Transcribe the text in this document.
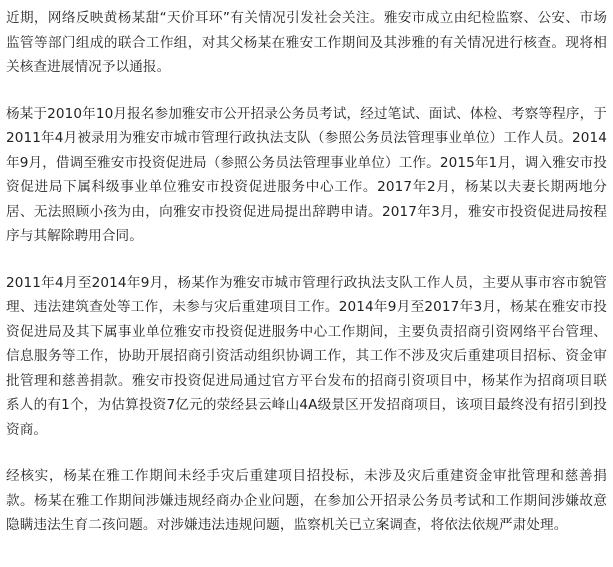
近期，网络反映黄杨某甜“天价耳环”有关情况引发社会关注。雅安市成立由纪检监察、公安、市场监管等部门组成的联合工作组，对其父杨某在雅安工作期间及其涉雅的有关情况进行核查。现将相关核查进展情况予以通报。

杨某于2010年10月报名参加雅安市公开招录公务员考试，经过笔试、面试、体检、考察等程序，于2011年4月被录用为雅安市城市管理行政执法支队（参照公务员法管理事业单位）工作人员。2014年9月，借调至雅安市投资促进局（参照公务员法管理事业单位）工作。2015年1月，调入雅安市投资促进局下属科级事业单位雅安市投资促进服务中心工作。2017年2月，杨某以夫妻长期两地分居、无法照顾小孩为由，向雅安市投资促进局提出辞聘申请。2017年3月，雅安市投资促进局按程序与其解除聘用合同。

2011年4月至2014年9月，杨某作为雅安市城市管理行政执法支队工作人员，主要从事市容市貌管理、违法建筑查处等工作，未参与灾后重建项目工作。2014年9月至2017年3月，杨某在雅安市投资促进局及其下属事业单位雅安市投资促进服务中心工作期间，主要负责招商引资网络平台管理、信息服务等工作，协助开展招商引资活动组织协调工作，其工作不涉及灾后重建项目招标、资金审批管理和慈善捐款。雅安市投资促进局通过官方平台发布的招商引资项目中，杨某作为招商项目联系人的有1个，为估算投资7亿元的荥经县云峰山4A级景区开发招商项目，该项目最终没有招引到投资商。

经核实，杨某在雅工作期间未经手灾后重建项目招投标，未涉及灾后重建资金审批管理和慈善捐款。杨某在雅工作期间涉嫌违规经商办企业问题，在参加公开招录公务员考试和工作期间涉嫌故意隐瞒违法生育二孩问题。对涉嫌违法违规问题，监察机关已立案调查，将依法依规严肃处理。
